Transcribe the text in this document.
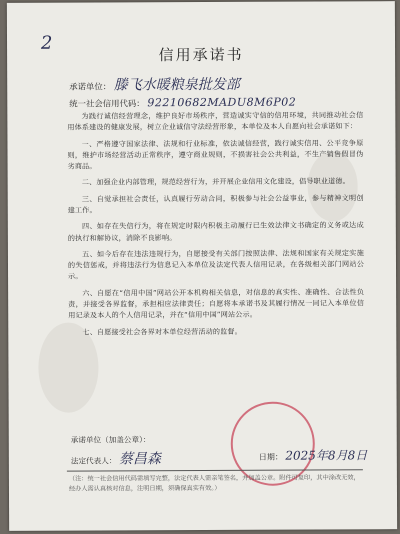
2
信用承诺书
承诺单位： 滕飞水暖粮泉批发部
统一社会信用代码： 92210682MADU8M6P02

为践行诚信经营理念，维护良好市场秩序，营造诚实守信的信用环境，共同推动社会信用体系建设的健康发展，树立企业诚信守法经营形象，本单位及本人自愿向社会承诺如下：

一、严格遵守国家法律、法规和行业标准，依法诚信经营，践行诚实信用、公平竞争原则，维护市场经营活动正常秩序，遵守商业规则，不损害社会公共利益，不生产销售假冒伪劣商品。

二、加强企业内部管理，规范经营行为，并开展企业信用文化建设，倡导职业道德。

三、自觉承担社会责任，认真履行劳动合同，积极参与社会公益事业，参与精神文明创建工作。

四、如存在失信行为，将在规定时限内积极主动履行已生效法律文书确定的义务或达成的执行和解协议，消除不良影响。

五、如今后存在违法违规行为，自愿接受有关部门按照法律、法规和国家有关规定实施的失信惩戒，并将违法行为信息记入本单位及法定代表人信用记录，在各级相关部门网站公示。

六、自愿在“信用中国”网站公开本机构相关信息，对信息的真实性、准确性、合法性负责，并接受各界监督，承担相应法律责任；自愿将本承诺书及其履行情况一同记入本单位信用记录及本人的个人信用记录，并在“信用中国”网站公示。

七、自愿接受社会各界对本单位经营活动的监督。

承诺单位（加盖公章）：
法定代表人： 蔡昌森	日期： 2025年8月8日
（注：统一社会信用代码需填写完整，法定代表人需亲笔签名，并加盖公章。附件可复印，其中涂改无效，经办人需认真核对信息，注明日期，须确保真实有效。）
